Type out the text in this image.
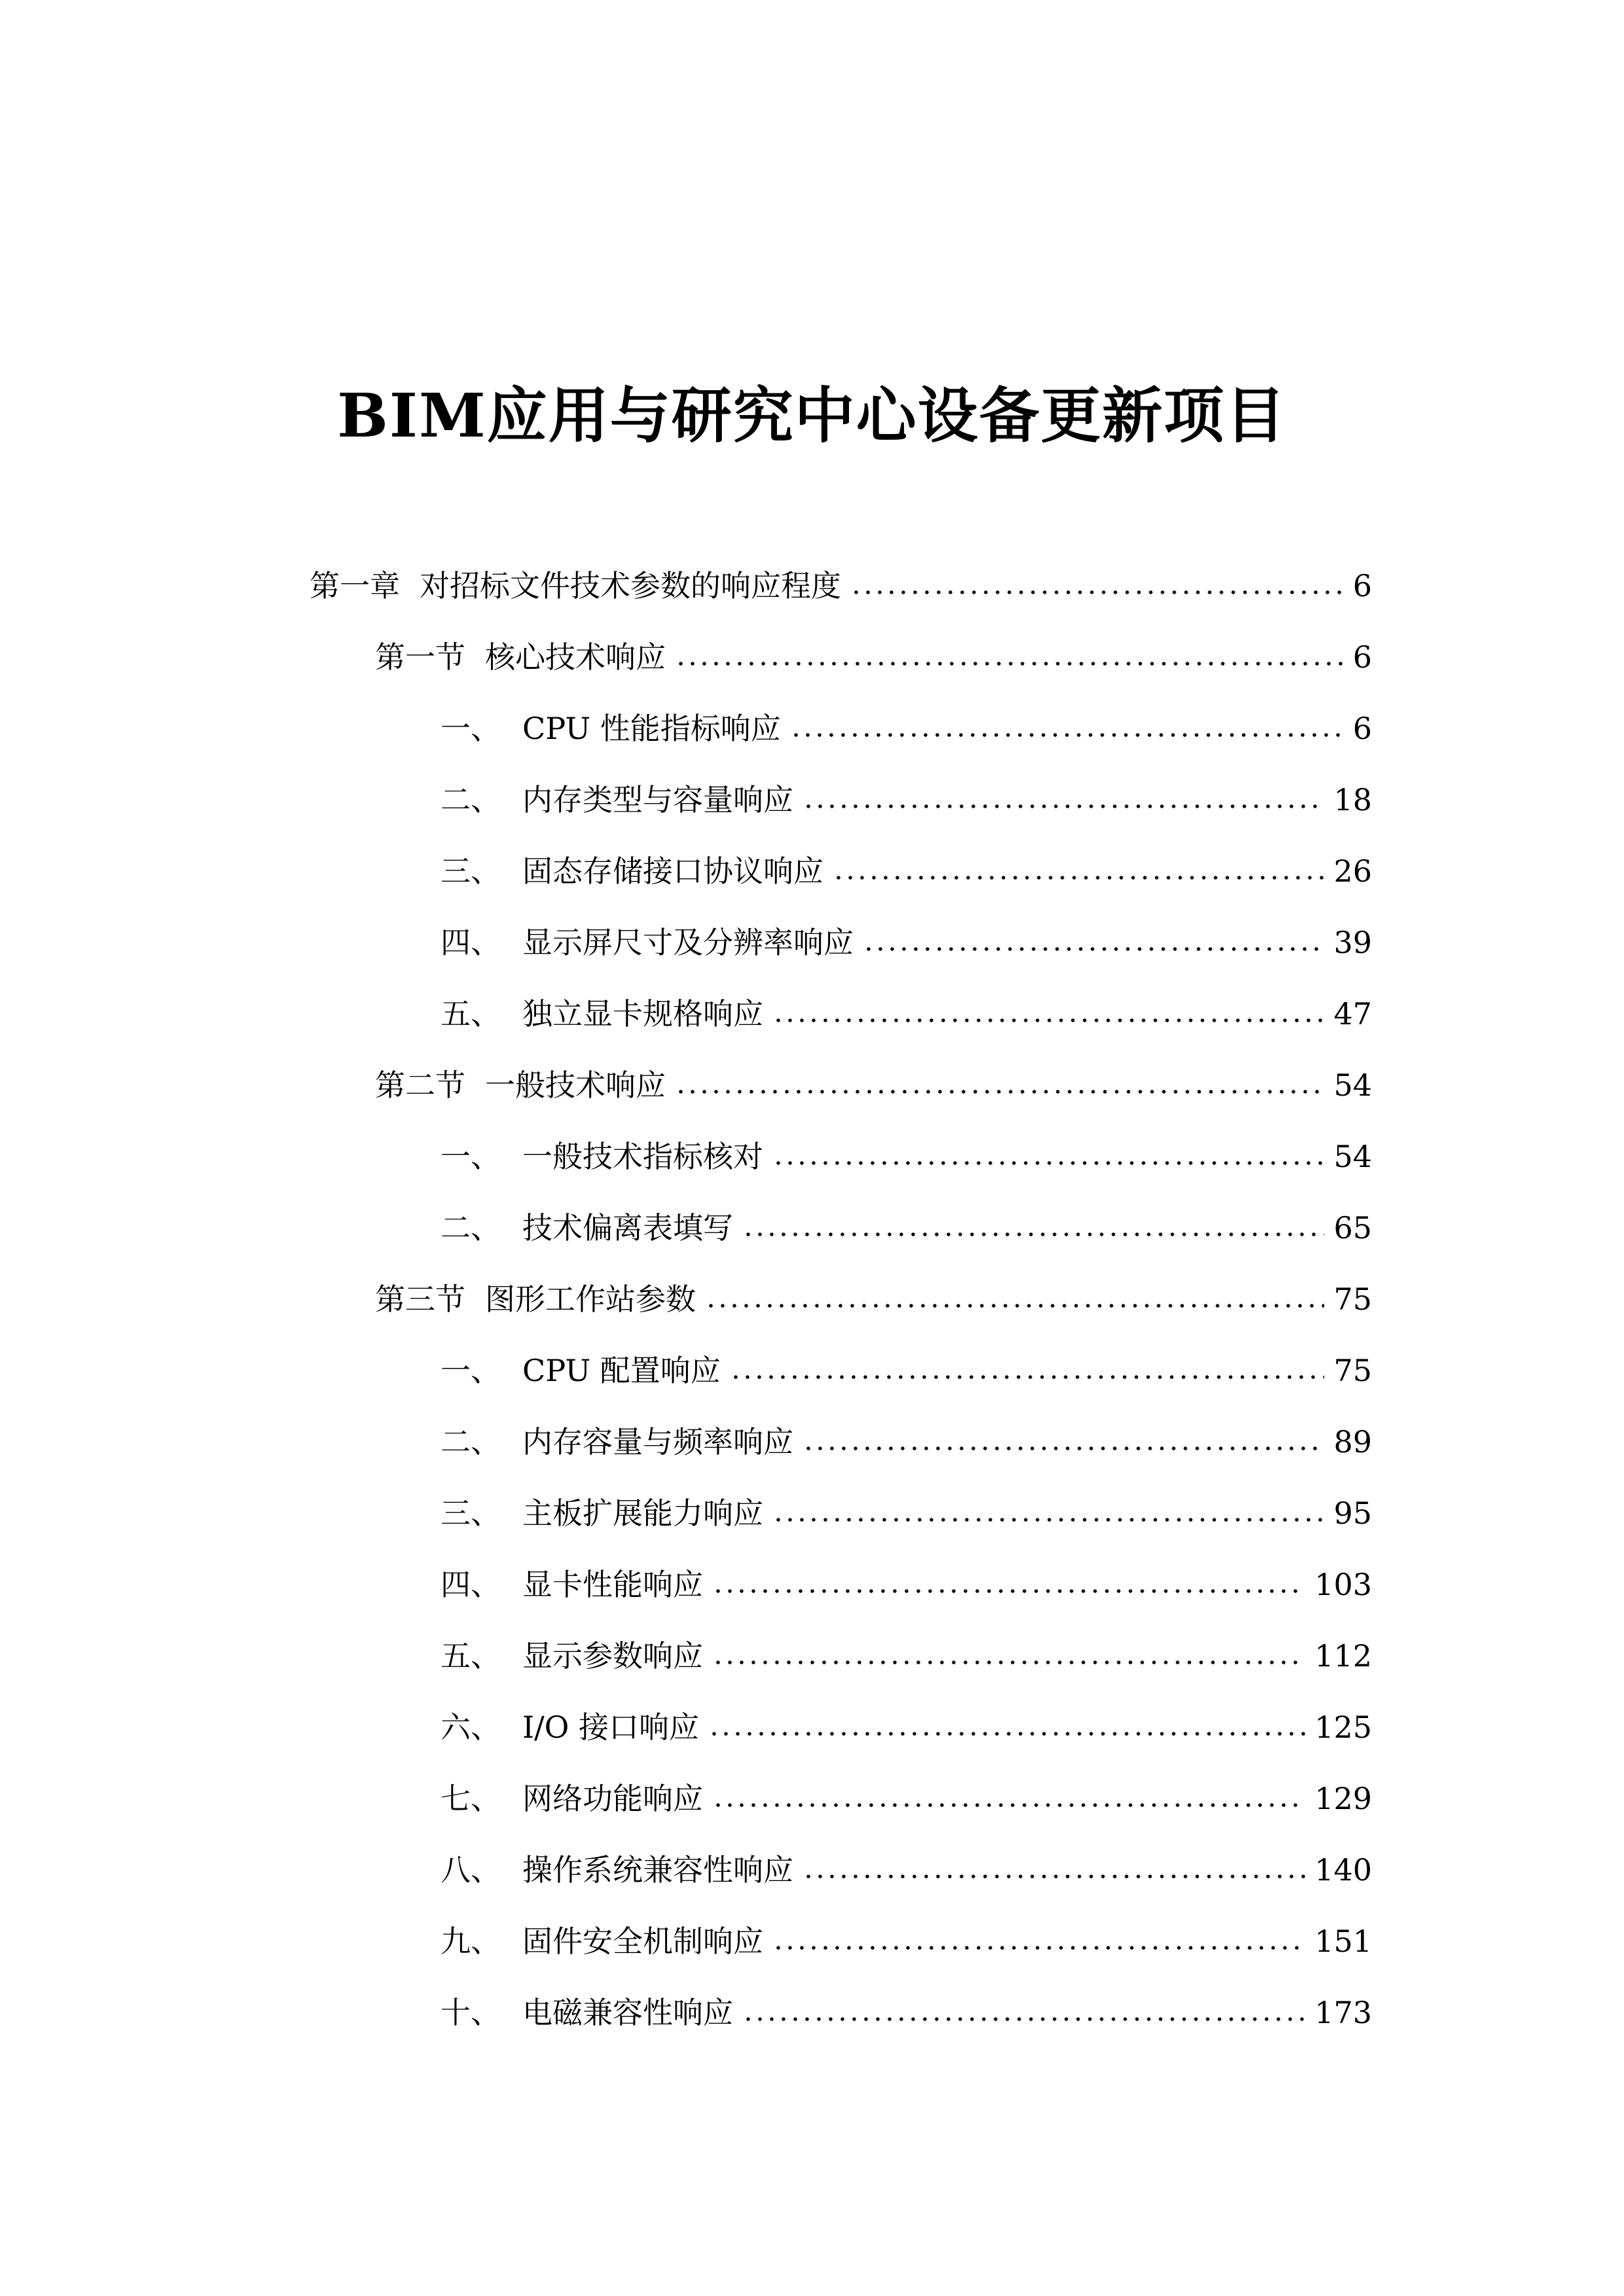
BIM应用与研究中心设备更新项目
第一章 对招标文件技术参数的响应程度	6
第一节 核心技术响应	6
一、 CPU 性能指标响应	6
二、 内存类型与容量响应	18
三、 固态存储接口协议响应	26
四、 显示屏尺寸及分辨率响应	39
五、 独立显卡规格响应	47
第二节 一般技术响应	54
一、 一般技术指标核对	54
二、 技术偏离表填写	65
第三节 图形工作站参数	75
一、 CPU 配置响应	75
二、 内存容量与频率响应	89
三、 主板扩展能力响应	95
四、 显卡性能响应	103
五、 显示参数响应	112
六、 I/O 接口响应	125
七、 网络功能响应	129
八、 操作系统兼容性响应	140
九、 固件安全机制响应	151
十、 电磁兼容性响应	173
